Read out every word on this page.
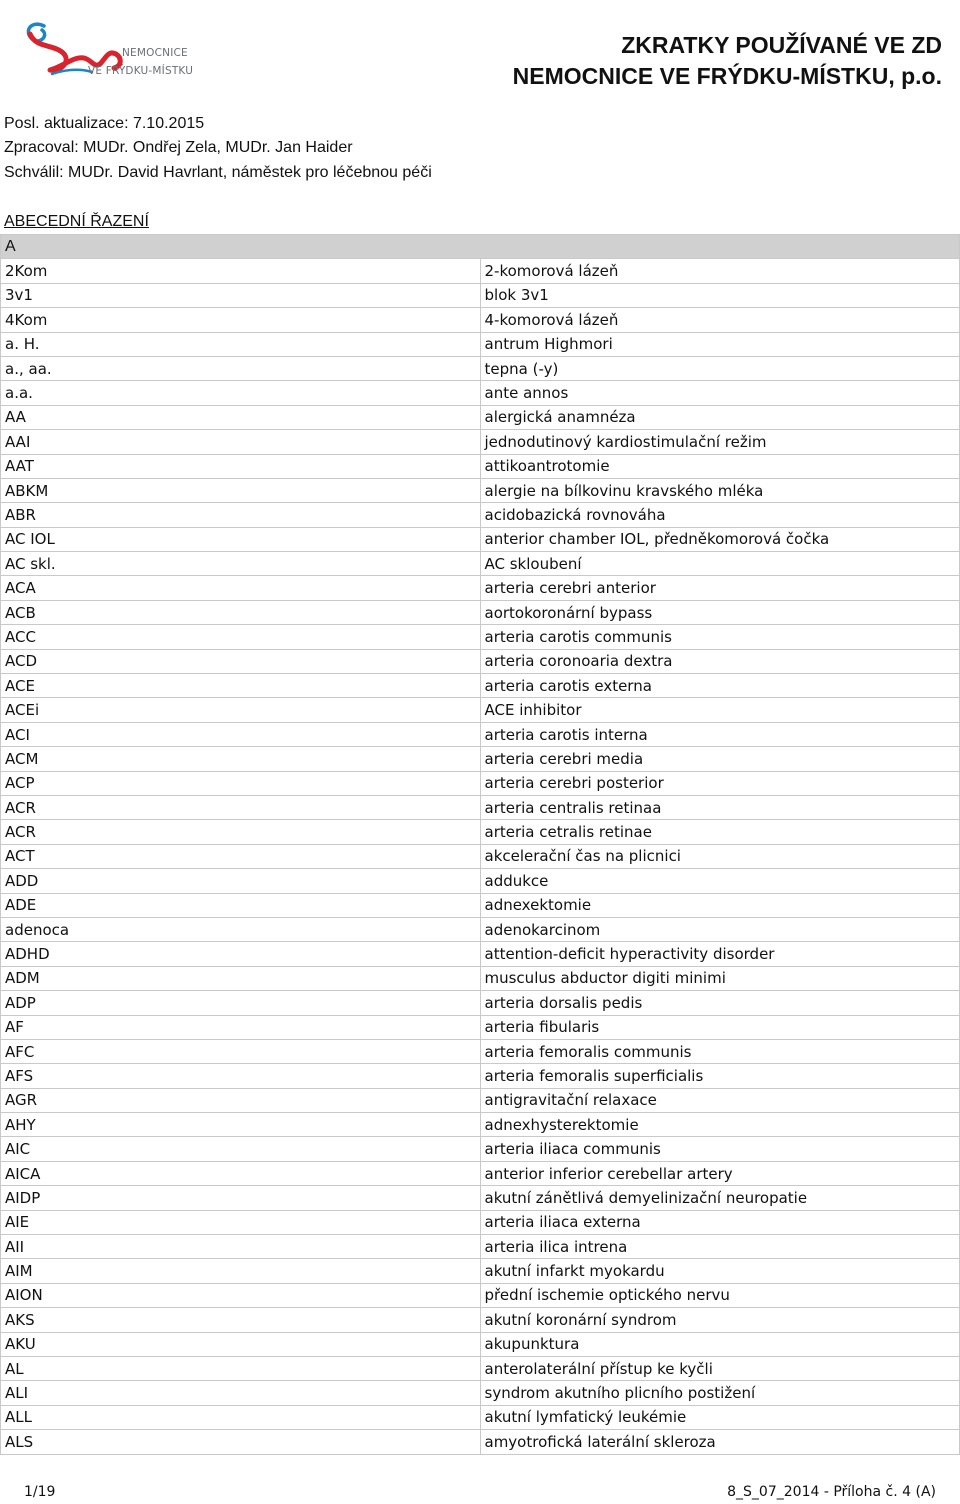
NEMOCNICE
VE FRÝDKU-MÍSTKU
ZKRATKY POUŽÍVANÉ VE ZD
NEMOCNICE VE FRÝDKU-MÍSTKU, p.o.
Posl. aktualizace: 7.10.2015
Zpracoval: MUDr. Ondřej Zela, MUDr. Jan Haider
Schválil: MUDr. David Havrlant, náměstek pro léčebnou péči
ABECEDNÍ ŘAZENÍ
A	
2Kom	2-komorová lázeň
3v1	blok 3v1
4Kom	4-komorová lázeň
a. H.	antrum Highmori
a., aa.	tepna (-y)
a.a.	ante annos
AA	alergická anamnéza
AAI	jednodutinový kardiostimulační režim
AAT	attikoantrotomie
ABKM	alergie na bílkovinu kravského mléka
ABR	acidobazická rovnováha
AC IOL	anterior chamber IOL, předněkomorová čočka
AC skl.	AC skloubení
ACA	arteria cerebri anterior
ACB	aortokoronární bypass
ACC	arteria carotis communis
ACD	arteria coronoaria dextra
ACE	arteria carotis externa
ACEi	ACE inhibitor
ACI	arteria carotis interna
ACM	arteria cerebri media
ACP	arteria cerebri posterior
ACR	arteria centralis retinaa
ACR	arteria cetralis retinae
ACT	akcelerační čas na plicnici
ADD	addukce
ADE	adnexektomie
adenoca	adenokarcinom
ADHD	attention-deficit hyperactivity disorder
ADM	musculus abductor digiti minimi
ADP	arteria dorsalis pedis
AF	arteria fibularis
AFC	arteria femoralis communis
AFS	arteria femoralis superficialis
AGR	antigravitační relaxace
AHY	adnexhysterektomie
AIC	arteria iliaca communis
AICA	anterior inferior cerebellar artery
AIDP	akutní zánětlivá demyelinizační neuropatie
AIE	arteria iliaca externa
AII	arteria ilica intrena
AIM	akutní infarkt myokardu
AION	přední ischemie optického nervu
AKS	akutní koronární syndrom
AKU	akupunktura
AL	anterolaterální přístup ke kyčli
ALI	syndrom akutního plicního postižení
ALL	akutní lymfatický leukémie
ALS	amyotrofická laterální skleroza
1/19	8_S_07_2014 - Příloha č. 4 (A)
